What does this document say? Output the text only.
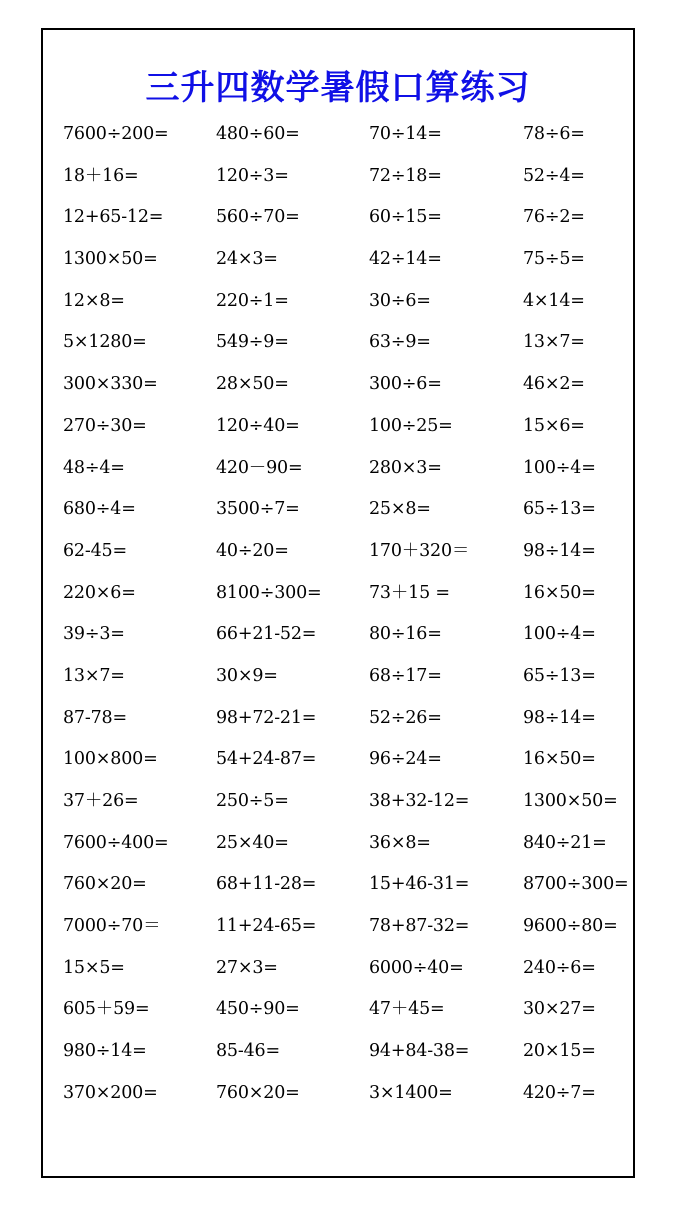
三升四数学暑假口算练习
7600÷200=	480÷60=	70÷14=	78÷6=
18＋16=	120÷3=	72÷18=	52÷4=
12+65-12=	560÷70=	60÷15=	76÷2=
1300×50=	24×3=	42÷14=	75÷5=
12×8=	220÷1=	30÷6=	4×14=
5×1280=	549÷9=	63÷9=	13×7=
300×330=	28×50=	300÷6=	46×2=
270÷30=	120÷40=	100÷25=	15×6=
48÷4=	420－90=	280×3=	100÷4=
680÷4=	3500÷7=	25×8=	65÷13=
62-45=	40÷20=	170＋320＝	98÷14=
220×6=	8100÷300=	73＋15 =	16×50=
39÷3=	66+21-52=	80÷16=	100÷4=
13×7=	30×9=	68÷17=	65÷13=
87-78=	98+72-21=	52÷26=	98÷14=
100×800=	54+24-87=	96÷24=	16×50=
37＋26=	250÷5=	38+32-12=	1300×50=
7600÷400=	25×40=	36×8=	840÷21=
760×20=	68+11-28=	15+46-31=	8700÷300=
7000÷70＝	11+24-65=	78+87-32=	9600÷80=
15×5=	27×3=	6000÷40=	240÷6=
605＋59=	450÷90=	47＋45=	30×27=
980÷14=	85-46=	94+84-38=	20×15=
370×200=	760×20=	3×1400=	420÷7=
